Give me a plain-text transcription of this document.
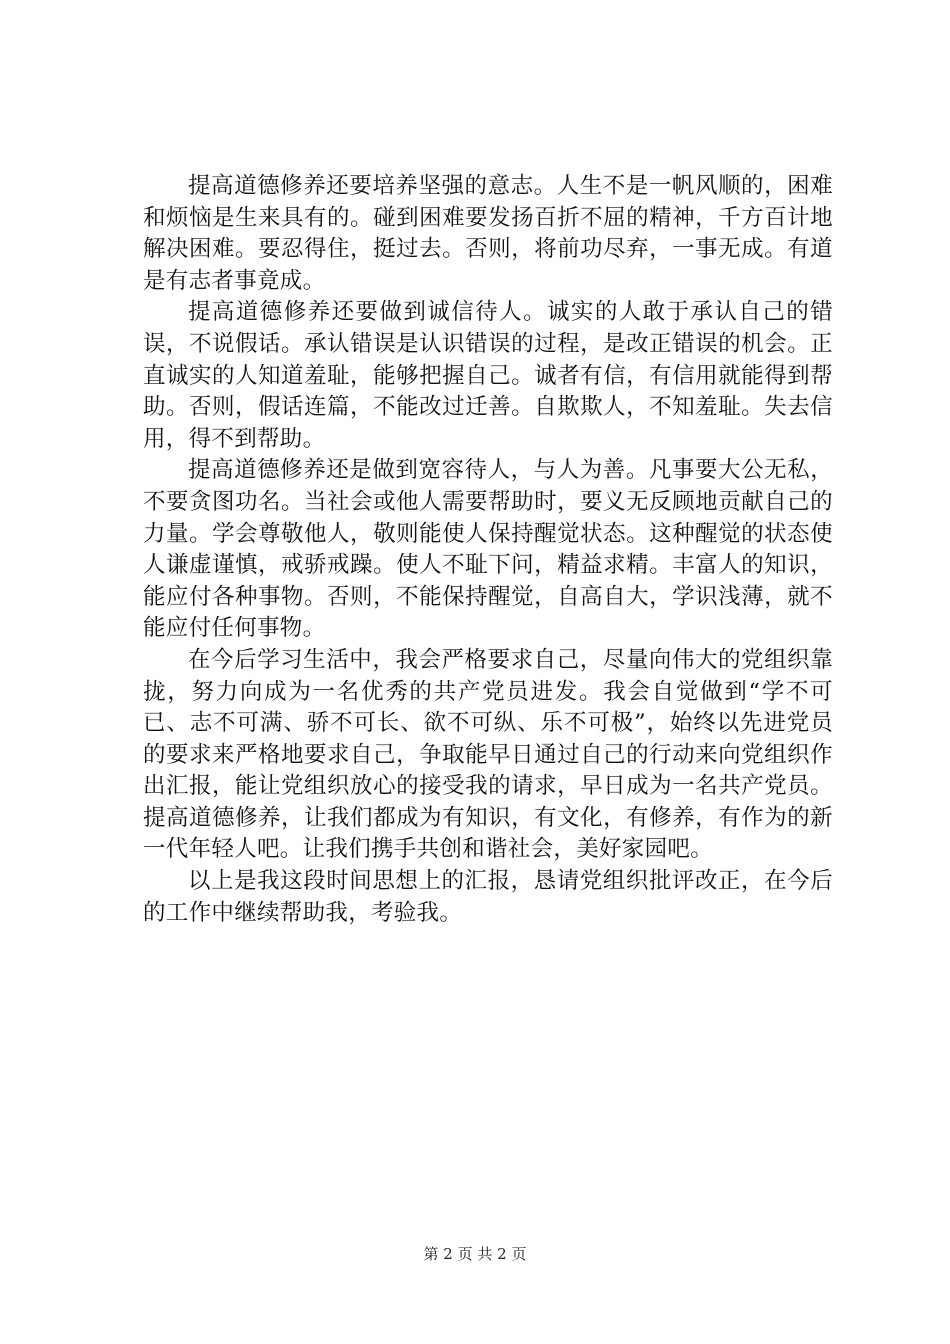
提高道德修养还要培养坚强的意志。人生不是一帆风顺的，困难和烦恼是生来具有的。碰到困难要发扬百折不屈的精神，千方百计地解决困难。要忍得住，挺过去。否则，将前功尽弃，一事无成。有道是有志者事竟成。

提高道德修养还要做到诚信待人。诚实的人敢于承认自己的错误，不说假话。承认错误是认识错误的过程，是改正错误的机会。正直诚实的人知道羞耻，能够把握自己。诚者有信，有信用就能得到帮助。否则，假话连篇，不能改过迁善。自欺欺人，不知羞耻。失去信用，得不到帮助。

提高道德修养还是做到宽容待人，与人为善。凡事要大公无私，不要贪图功名。当社会或他人需要帮助时，要义无反顾地贡献自己的力量。学会尊敬他人，敬则能使人保持醒觉状态。这种醒觉的状态使人谦虚谨慎，戒骄戒躁。使人不耻下问，精益求精。丰富人的知识，能应付各种事物。否则，不能保持醒觉，自高自大，学识浅薄，就不能应付任何事物。

在今后学习生活中，我会严格要求自己，尽量向伟大的党组织靠拢，努力向成为一名优秀的共产党员进发。我会自觉做到“学不可已、志不可满、骄不可长、欲不可纵、乐不可极”，始终以先进党员的要求来严格地要求自己，争取能早日通过自己的行动来向党组织作出汇报，能让党组织放心的接受我的请求，早日成为一名共产党员。提高道德修养，让我们都成为有知识，有文化，有修养，有作为的新一代年轻人吧。让我们携手共创和谐社会，美好家园吧。

以上是我这段时间思想上的汇报，恳请党组织批评改正，在今后的工作中继续帮助我，考验我。

第 2 页 共 2 页
